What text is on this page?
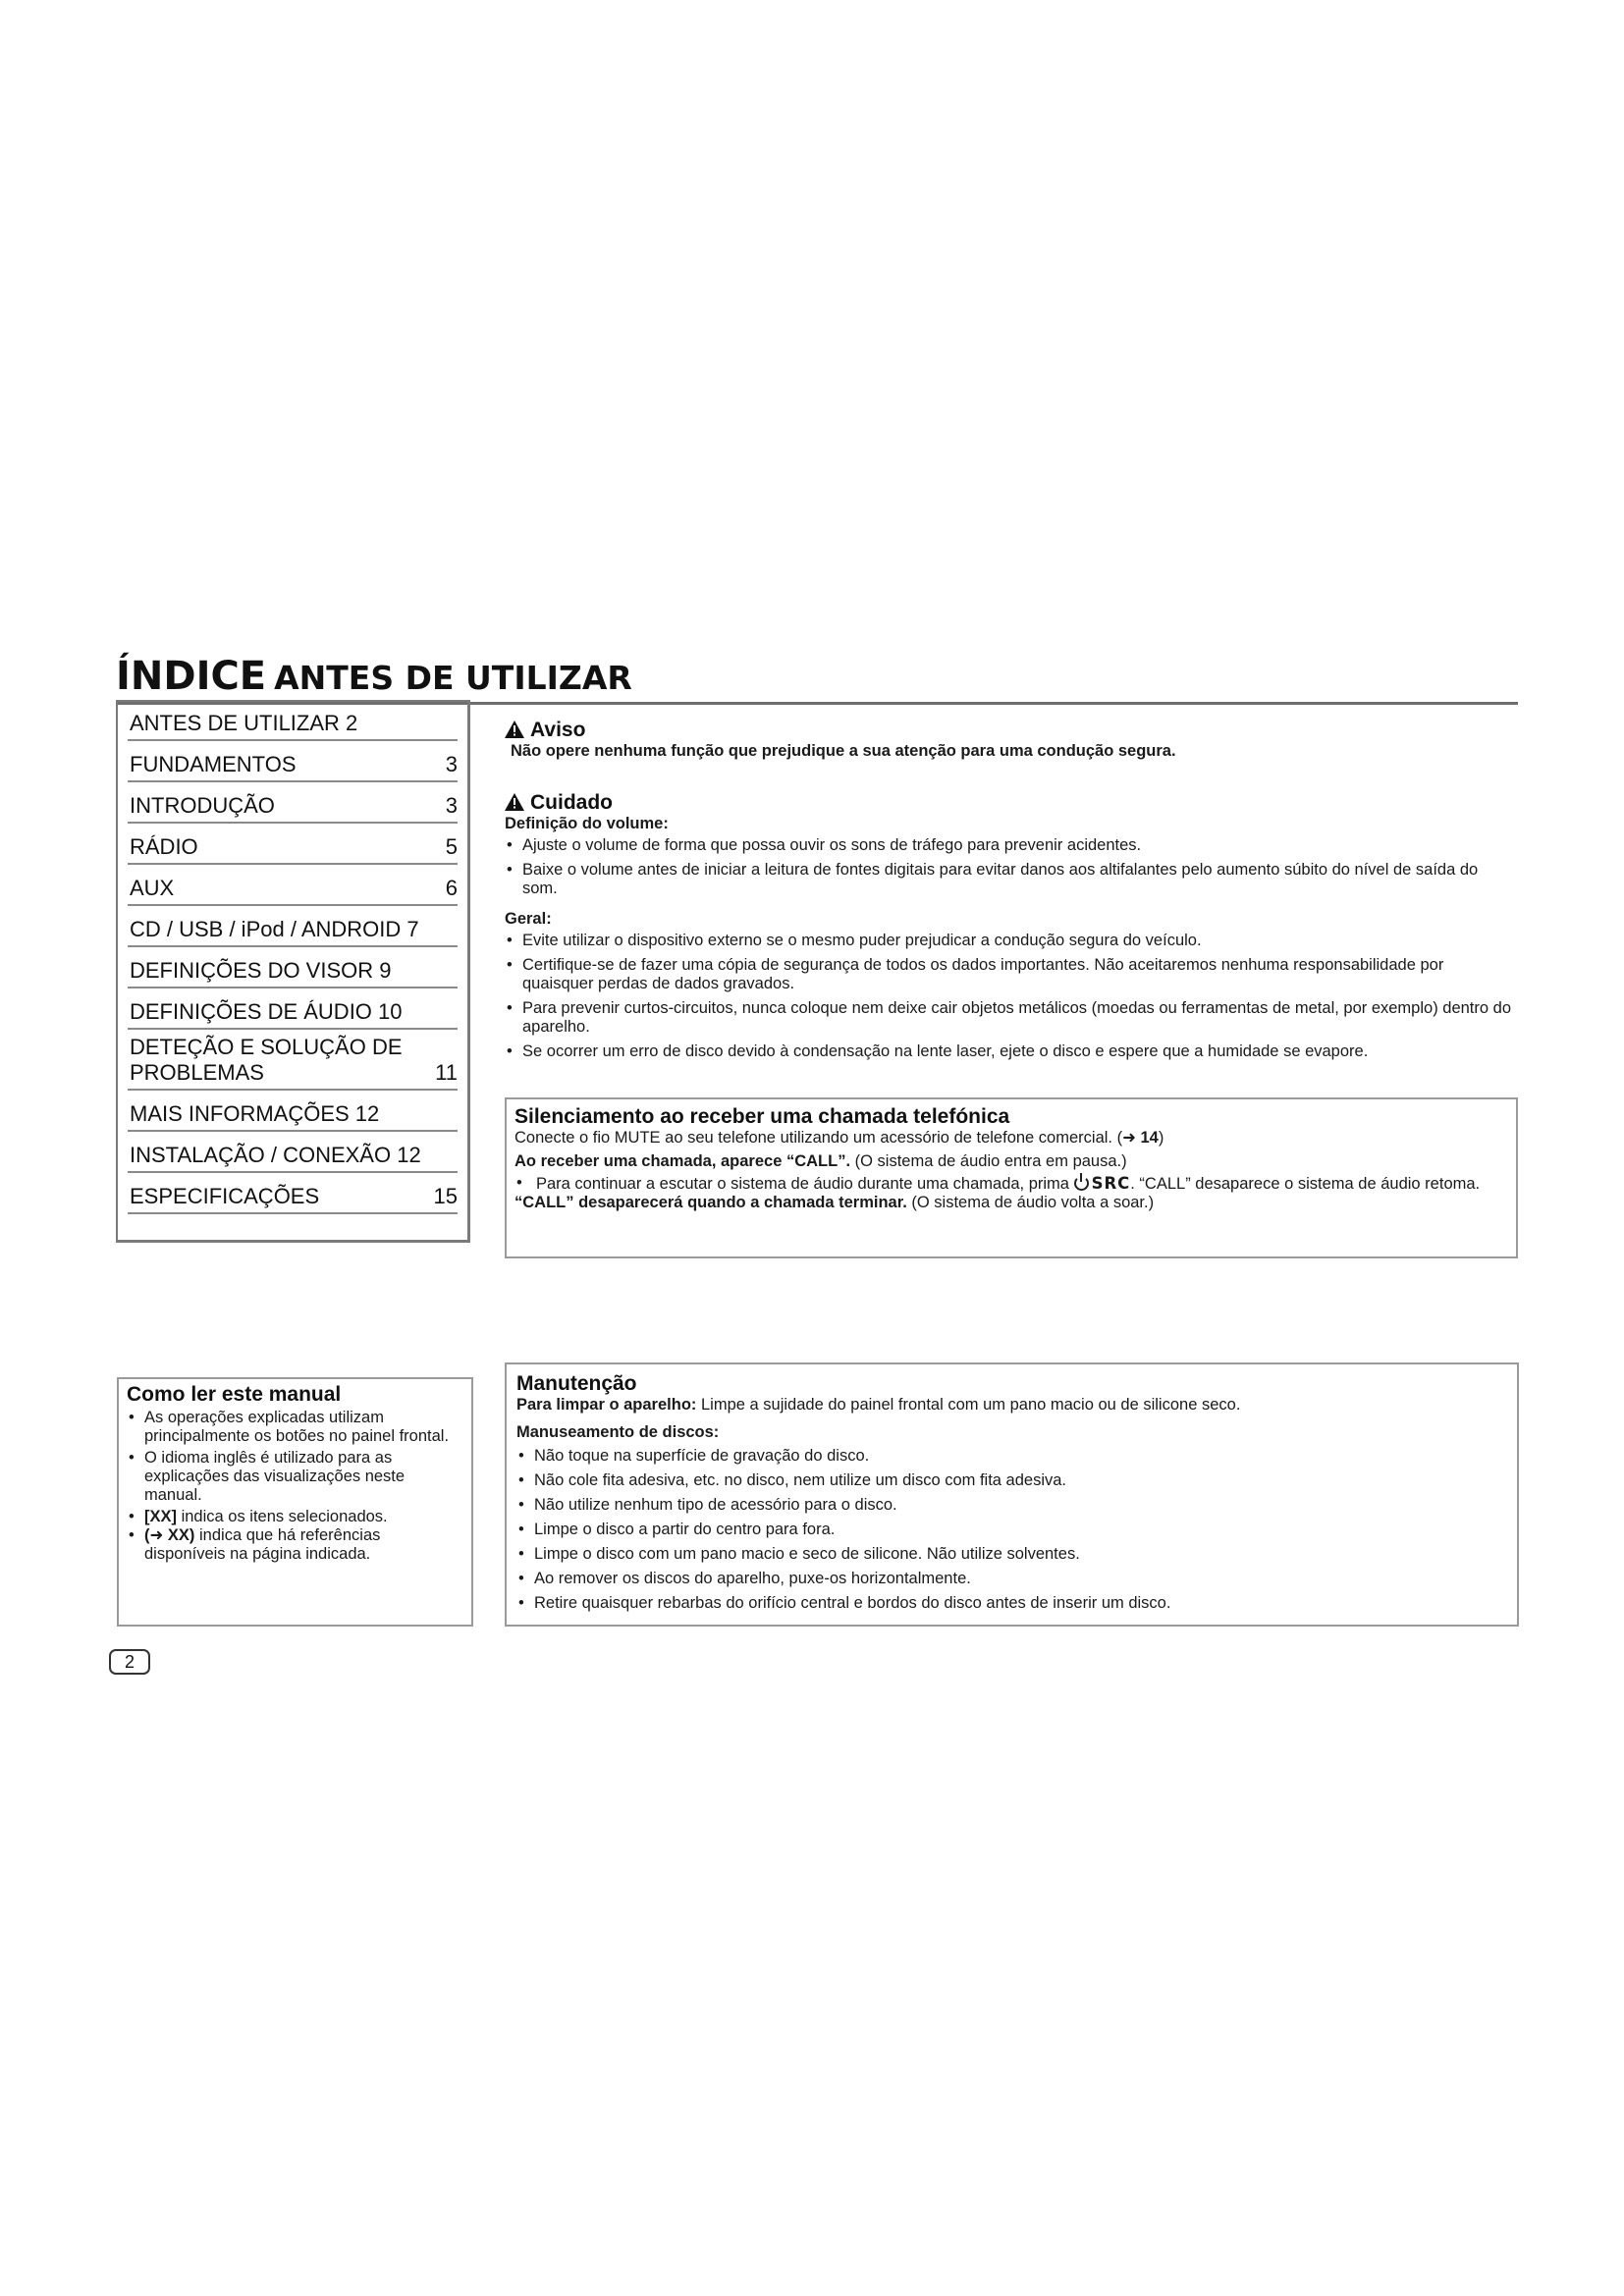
ÍNDICE ANTES DE UTILIZAR
ANTES DE UTILIZAR 2
FUNDAMENTOS	3
INTRODUÇÃO	3
RÁDIO	5
AUX	6
CD / USB / iPod / ANDROID 7
DEFINIÇÕES DO VISOR 9
DEFINIÇÕES DE ÁUDIO 10
DETEÇÃO E SOLUÇÃO DE PROBLEMAS	11
MAIS INFORMAÇÕES 12
INSTALAÇÃO / CONEXÃO 12
ESPECIFICAÇÕES	15
Aviso
Não opere nenhuma função que prejudique a sua atenção para uma condução segura.
Cuidado
Definição do volume:
• Ajuste o volume de forma que possa ouvir os sons de tráfego para prevenir acidentes.
• Baixe o volume antes de iniciar a leitura de fontes digitais para evitar danos aos altifalantes pelo aumento súbito do nível de saída do som.
Geral:
• Evite utilizar o dispositivo externo se o mesmo puder prejudicar a condução segura do veículo.
• Certifique-se de fazer uma cópia de segurança de todos os dados importantes. Não aceitaremos nenhuma responsabilidade por quaisquer perdas de dados gravados.
• Para prevenir curtos-circuitos, nunca coloque nem deixe cair objetos metálicos (moedas ou ferramentas de metal, por exemplo) dentro do aparelho.
• Se ocorrer um erro de disco devido à condensação na lente laser, ejete o disco e espere que a humidade se evapore.
Silenciamento ao receber uma chamada telefónica
Conecte o fio MUTE ao seu telefone utilizando um acessório de telefone comercial. (➜ 14)
Ao receber uma chamada, aparece “CALL”. (O sistema de áudio entra em pausa.)
• Para continuar a escutar o sistema de áudio durante uma chamada, prima SRC. “CALL” desaparece o sistema de áudio retoma.
“CALL” desaparecerá quando a chamada terminar. (O sistema de áudio volta a soar.)
Como ler este manual
• As operações explicadas utilizam principalmente os botões no painel frontal.
• O idioma inglês é utilizado para as explicações das visualizações neste manual.
• [XX] indica os itens selecionados.
• (➜ XX) indica que há referências disponíveis na página indicada.
Manutenção
Para limpar o aparelho: Limpe a sujidade do painel frontal com um pano macio ou de silicone seco.
Manuseamento de discos:
• Não toque na superfície de gravação do disco.
• Não cole fita adesiva, etc. no disco, nem utilize um disco com fita adesiva.
• Não utilize nenhum tipo de acessório para o disco.
• Limpe o disco a partir do centro para fora.
• Limpe o disco com um pano macio e seco de silicone. Não utilize solventes.
• Ao remover os discos do aparelho, puxe-os horizontalmente.
• Retire quaisquer rebarbas do orifício central e bordos do disco antes de inserir um disco.
2
